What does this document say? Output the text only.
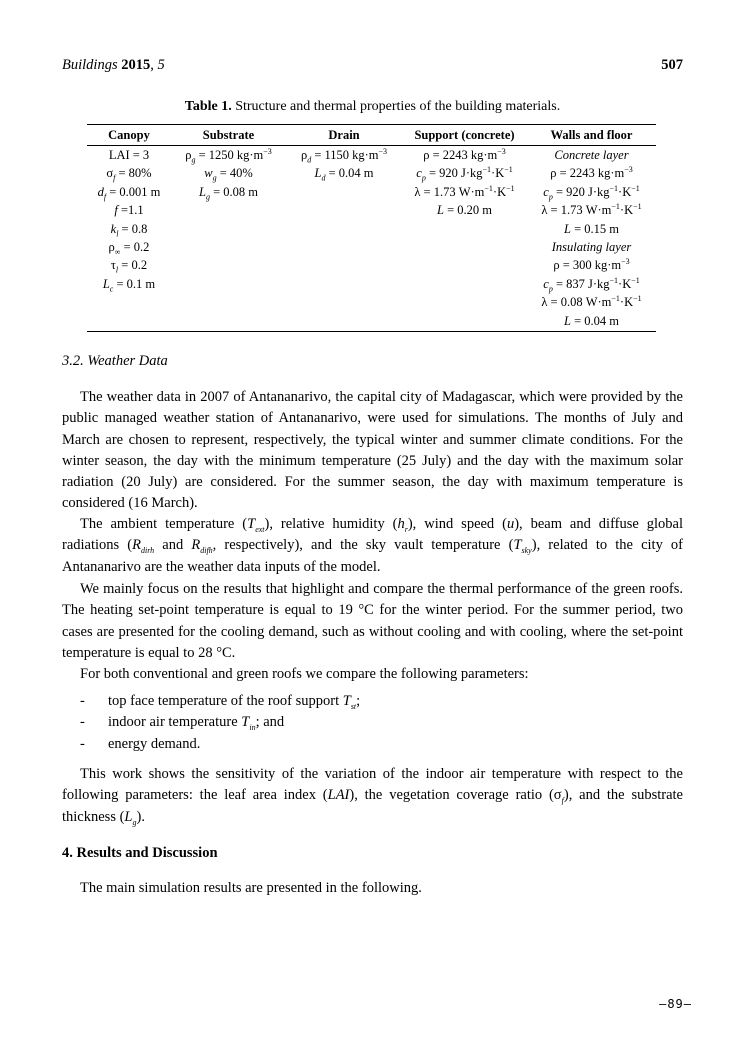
Buildings 2015, 5	507
Table 1. Structure and thermal properties of the building materials.
Canopy	Substrate	Drain	Support (concrete)	Walls and floor
LAI = 3	$\rho_g = 1250$ $kg\cdot m^{-3}$	$\rho_d = 1150$ $kg\cdot m^{-3}$	ρ = 2243 $kg\cdot m^{-3}$	Concrete layer
$\sigma_f = 80\%$	$w_g = 40\%$	$L_d = 0.04$ m	$c_p = 920$ $J\cdot kg^{-1}\cdot K^{-1}$	ρ = 2243 $kg\cdot m^{-3}$
$d_f = 0.001$ m	$L_g = 0.08$ m		λ = 1.73 $W\cdot m^{-1}\cdot K^{-1}$	$c_p = 920$ $J\cdot kg^{-1}\cdot K^{-1}$
f =1.1			L = 0.20 m	λ = 1.73 $W\cdot m^{-1}\cdot K^{-1}$
$k_l = 0.8$				L = 0.15 m
$\rho_\infty = 0.2$				Insulating layer
$\tau_l = 0.2$				ρ = 300 $kg\cdot m^{-3}$
$L_c = 0.1$ m				$c_p = 837$ $J\cdot kg^{-1}\cdot K^{-1}$
				λ = 0.08 $W\cdot m^{-1}\cdot K^{-1}$
				L = 0.04 m
3.2. Weather Data
The weather data in 2007 of Antananarivo, the capital city of Madagascar, which were provided by the public managed weather station of Antananarivo, were used for simulations. The months of July and March are chosen to represent, respectively, the typical winter and summer climate conditions. For the winter season, the day with the minimum temperature (25 July) and the day with the maximum solar radiation (20 July) are considered. For the summer season, the day with maximum temperature is considered (16 March).
The ambient temperature $(T_{ext})$, relative humidity $(h_r)$, wind speed (u), beam and diffuse global radiations ($R_{dirh}$ and $R_{difh}$, respectively), and the sky vault temperature $(T_{sky})$, related to the city of Antananarivo are the weather data inputs of the model.
We mainly focus on the results that highlight and compare the thermal performance of the green roofs. The heating set-point temperature is equal to 19 °C for the winter period. For the summer period, two cases are presented for the cooling demand, such as without cooling and with cooling, where the set-point temperature is equal to 28 °C.
For both conventional and green roofs we compare the following parameters:
- top face temperature of the roof support $T_{st}$;
- indoor air temperature $T_{in}$; and
- energy demand.
This work shows the sensitivity of the variation of the indoor air temperature with respect to the following parameters: the leaf area index (LAI), the vegetation coverage ratio $(\sigma_f)$, and the substrate thickness $(L_g)$.
4. Results and Discussion
The main simulation results are presented in the following.
–89–
